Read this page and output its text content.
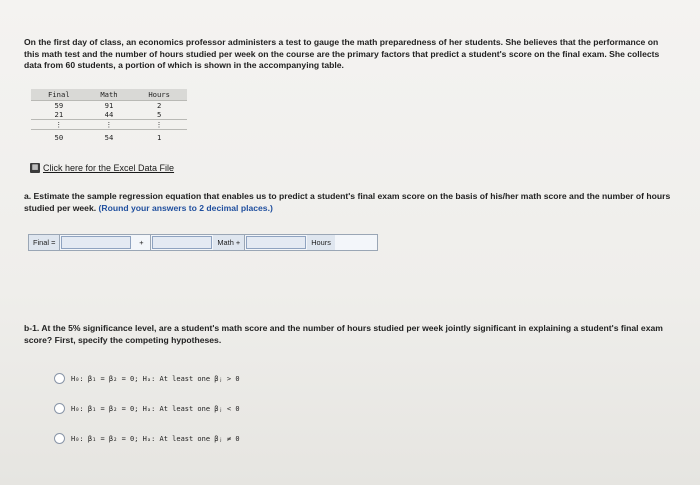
On the first day of class, an economics professor administers a test to gauge the math preparedness of her students. She believes that the performance on this math test and the number of hours studied per week on the course are the primary factors that predict a student's score on the final exam. She collects data from 60 students, a portion of which is shown in the accompanying table.
Final	Math	Hours
59	91	2
21	44	5
⋮	⋮	⋮
50	54	1
▦ Click here for the Excel Data File
a. Estimate the sample regression equation that enables us to predict a student's final exam score on the basis of his/her math score and the number of hours studied per week. (Round your answers to 2 decimal places.)
Final =	+	Math +	Hours
b-1. At the 5% significance level, are a student's math score and the number of hours studied per week jointly significant in explaining a student's final exam score? First, specify the competing hypotheses.
H₀: β₁ = β₂ = 0; Hₐ: At least one βⱼ > 0
H₀: β₁ = β₂ = 0; Hₐ: At least one βⱼ < 0
H₀: β₁ = β₂ = 0; Hₐ: At least one βⱼ ≠ 0
